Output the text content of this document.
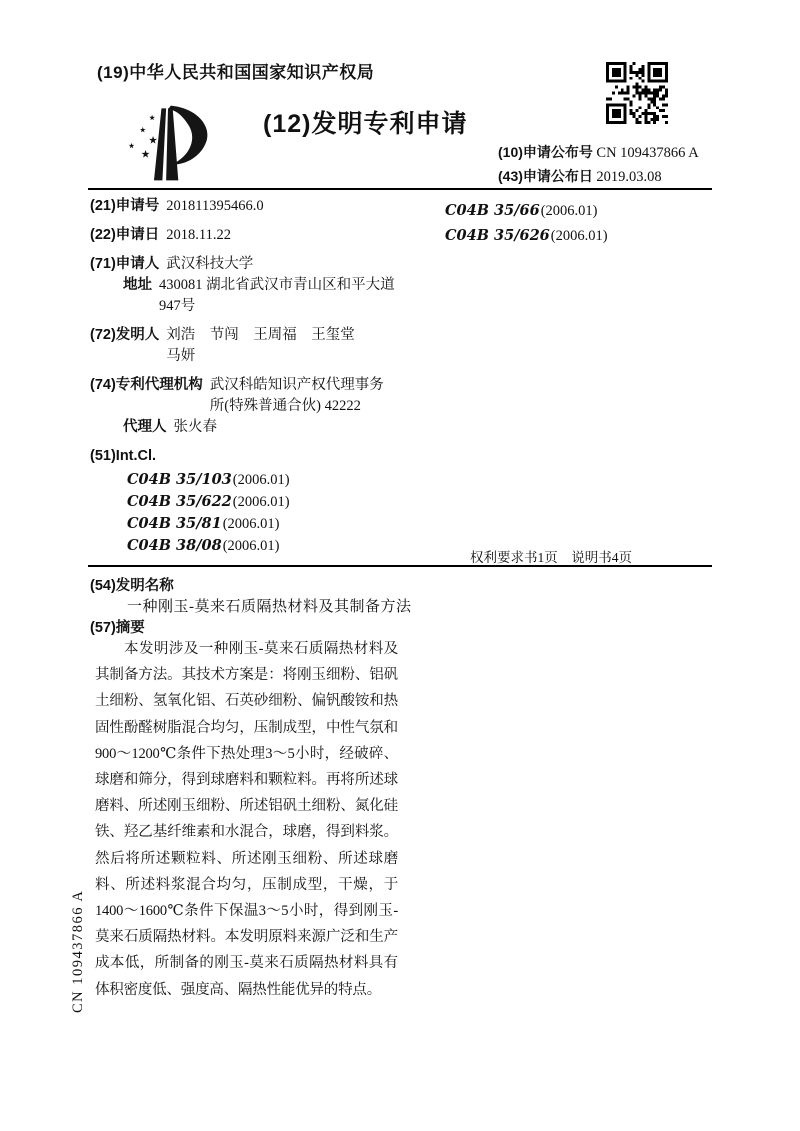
(19)中华人民共和国国家知识产权局
(12)发明专利申请
(10)申请公布号 CN 109437866 A
(43)申请公布日 2019.03.08
(21)申请号 201811395466.0
(22)申请日 2018.11.22
(71)申请人 武汉科技大学
地址 430081 湖北省武汉市青山区和平大道947号
(72)发明人 刘浩　节闯　王周福　王玺堂　马妍
(74)专利代理机构 武汉科皓知识产权代理事务所(特殊普通合伙) 42222
代理人 张火春
(51)Int.Cl.
C04B 35/103(2006.01)
C04B 35/622(2006.01)
C04B 35/81(2006.01)
C04B 38/08(2006.01)
C04B 35/66(2006.01)
C04B 35/626(2006.01)
权利要求书1页　说明书4页
(54)发明名称
一种刚玉-莫来石质隔热材料及其制备方法
(57)摘要
本发明涉及一种刚玉-莫来石质隔热材料及其制备方法。其技术方案是：将刚玉细粉、铝矾土细粉、氢氧化铝、石英砂细粉、偏钒酸铵和热固性酚醛树脂混合均匀，压制成型，中性气氛和900～1200℃条件下热处理3～5小时，经破碎、球磨和筛分，得到球磨料和颗粒料。再将所述球磨料、所述刚玉细粉、所述铝矾土细粉、氮化硅铁、羟乙基纤维素和水混合，球磨，得到料浆。然后将所述颗粒料、所述刚玉细粉、所述球磨料、所述料浆混合均匀，压制成型，干燥，于1400～1600℃条件下保温3～5小时，得到刚玉-莫来石质隔热材料。本发明原料来源广泛和生产成本低，所制备的刚玉-莫来石质隔热材料具有体积密度低、强度高、隔热性能优异的特点。
CN 109437866 A
